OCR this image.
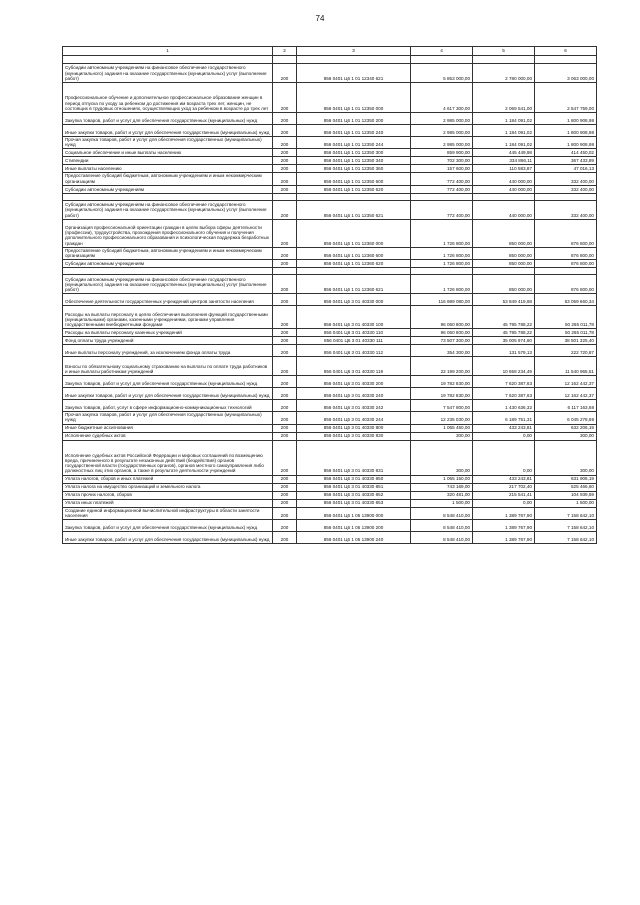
74
1	2	3	4	5	6

Субсидии автономным учреждениям на финансовое обеспечение государственного (муниципального) задания на оказание государственных (муниципальных) услуг (выполнение работ)	200	856 0401 Ц6 1 01 12340 621	5 853 000,00	2 780 000,00	3 063 000,00
Профессиональное обучение и дополнительное профессиональное образование женщин в период отпуска по уходу за ребенком до достижения им возраста трех лет, женщин, не состоящих в трудовых отношениях, осуществляющих уход за ребенком в возрасте до трех лет	200	856 0401 Ц6 1 01 12350 000	4 617 300,00	2 069 541,00	2 547 759,00
Закупка товаров, работ и услуг для обеспечения государственных (муниципальных) нужд	200	856 0401 Ц6 1 01 12350 200	2 985 000,00	1 184 091,02	1 800 908,98
Иные закупки товаров, работ и услуг для обеспечения государственных (муниципальных) нужд	200	856 0401 Ц6 1 01 12350 240	2 985 000,00	1 184 091,02	1 800 908,98
Прочая закупка товаров, работ и услуг для обеспечения государственных (муниципальных) нужд	200	856 0401 Ц6 1 01 12350 244	2 985 000,00	1 184 091,02	1 800 908,98
Социальное обеспечение и иные выплаты населению	200	856 0401 Ц6 1 01 12350 300	859 900,00	445 449,98	414 450,02
Стипендии	200	856 0401 Ц6 1 01 12350 340	702 300,00	334 866,11	367 433,89
Иные выплаты населению	200	856 0401 Ц6 1 01 12350 360	157 600,00	110 583,87	47 016,13
Предоставление субсидий бюджетным, автономным учреждениям и иным некоммерческим организациям	200	856 0401 Ц6 1 01 12350 600	772 400,00	440 000,00	332 400,00
Субсидии автономным учреждениям	200	856 0401 Ц6 1 01 12350 620	772 400,00	440 000,00	332 400,00

Субсидии автономным учреждениям на финансовое обеспечение государственного (муниципального) задания на оказание государственных (муниципальных) услуг (выполнение работ)	200	856 0401 Ц6 1 01 12350 621	772 400,00	440 000,00	332 400,00
Организация профессиональной ориентации граждан в целях выбора сферы деятельности (профессии), трудоустройства, прохождения профессионального обучения и получения дополнительного профессионального образования и психологическая поддержка безработных граждан	200	856 0401 Ц6 1 01 12360 000	1 726 800,00	850 000,00	876 800,00
Предоставление субсидий бюджетным, автономным учреждениям и иным некоммерческим организациям	200	856 0401 Ц6 1 01 12360 600	1 726 800,00	850 000,00	876 800,00
Субсидии автономным учреждениям	200	856 0401 Ц6 1 01 12360 620	1 726 800,00	850 000,00	876 800,00

Субсидии автономным учреждениям на финансовое обеспечение государственного (муниципального) задания на оказание государственных (муниципальных) услуг (выполнение работ)	200	856 0401 Ц6 1 01 12360 621	1 726 800,00	850 000,00	876 800,00
Обеспечение деятельности государственных учреждений центров занятости населения	200	856 0401 Ц6 3 01 40330 000	116 989 080,00	53 849 419,68	63 059 660,34
Расходы на выплаты персоналу в целях обеспечения выполнения функций государственными (муниципальными) органами, казенными учреждениями, органами управления государственными внебюджетными фондами	200	856 0401 Ц6 3 01 40330 100	96 060 800,00	45 795 788,22	50 265 011,78
Расходы на выплаты персоналу казенных учреждений	200	856 0401 Ц6 3 01 40330 110	96 060 800,00	45 795 788,22	50 265 011,78
Фонд оплаты труда учреждений	200	856 0401 Ц6 3 01 40330 111	73 507 300,00	35 005 974,60	38 501 325,40
Иные выплаты персоналу учреждений, за исключением фонда оплаты труда	200	856 0401 Ц6 3 01 40330 112	354 300,00	131 579,13	222 720,87
Взносы по обязательному социальному страхованию на выплаты по оплате труда работников и иные выплаты работникам учреждений	200	856 0401 Ц6 3 01 40330 119	22 199 200,00	10 658 234,49	11 540 965,51
Закупка товаров, работ и услуг для обеспечения государственных (муниципальных) нужд	200	856 0401 Ц6 3 01 40330 200	19 782 830,00	7 620 387,63	12 162 442,37
Иные закупки товаров, работ и услуг для обеспечения государственных (муниципальных) нужд	200	856 0401 Ц6 3 01 40330 240	19 782 830,00	7 620 387,63	12 162 442,37
Закупка товаров, работ, услуг в сфере информационно-коммуникационных технологий	200	856 0401 Ц6 3 01 40330 242	7 547 800,00	1 430 636,32	6 117 163,68
Прочая закупка товаров, работ и услуг для обеспечения государственных (муниципальных) нужд	200	856 0401 Ц6 3 01 40330 244	12 235 030,00	6 189 751,31	6 045 278,69
Иные бюджетные ассигнования	200	856 0401 Ц6 3 01 40330 800	1 065 450,00	433 243,81	632 206,19
Исполнение судебных актов	200	856 0401 Ц6 3 01 40330 830	300,00	0,00	300,00
Исполнение судебных актов Российской Федерации и мировых соглашений по возмещению вреда, причиненного в результате незаконных действий (бездействия) органов государственной власти (государственных органов), органов местного самоуправления либо должностных лиц этих органов, а также в результате деятельности учреждений	200	856 0401 Ц6 3 01 40330 831	300,00	0,00	300,00
Уплата налогов, сборов и иных платежей	200	856 0401 Ц6 3 01 40330 850	1 065 150,00	433 243,81	631 906,19
Уплата налога на имущество организаций и земельного налога	200	856 0401 Ц6 3 01 40330 851	743 169,00	217 702,40	525 466,60
Уплата прочих налогов, сборов	200	856 0401 Ц6 3 01 40330 852	320 481,00	215 541,41	104 939,59
Уплата иных платежей	200	856 0401 Ц6 3 01 40330 853	1 500,00	0,00	1 500,00
Создание единой информационной вычислительной инфраструктуры в области занятости населения	200	856 0401 Ц6 1 05 13900 000	8 548 410,00	1 389 767,90	7 158 642,10
Закупка товаров, работ и услуг для обеспечения государственных (муниципальных) нужд	200	856 0401 Ц6 1 05 13900 200	8 548 410,00	1 389 767,90	7 158 642,10
Иные закупки товаров, работ и услуг для обеспечения государственных (муниципальных) нужд	200	856 0401 Ц6 1 05 13900 240	8 548 410,00	1 389 767,90	7 158 642,10
